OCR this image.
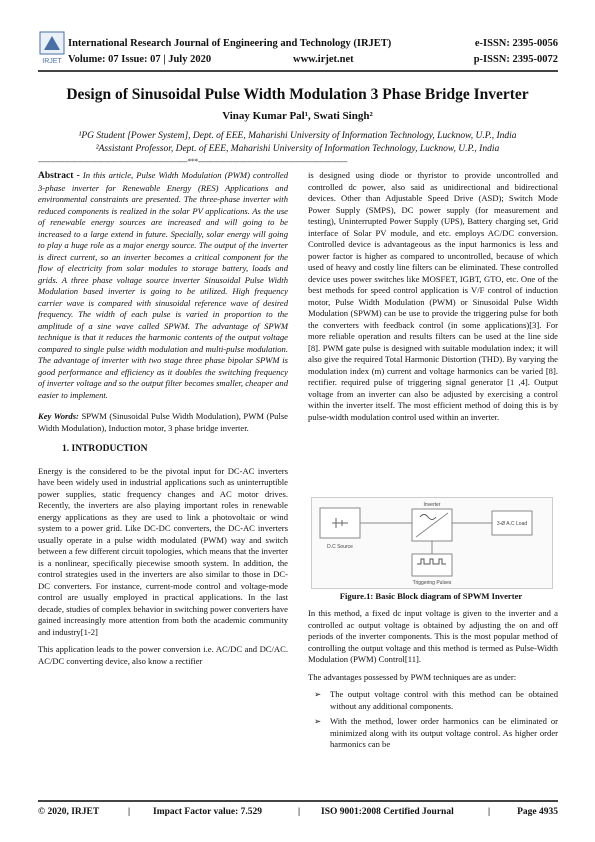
IRJET
International Research Journal of Engineering and Technology (IRJET)
Volume: 07 Issue: 07 | July 2020	www.irjet.net
e-ISSN: 2395-0056
p-ISSN: 2395-0072
Design of Sinusoidal Pulse Width Modulation 3 Phase Bridge Inverter
Vinay Kumar Pal¹, Swati Singh²
¹PG Student [Power System], Dept. of EEE, Maharishi University of Information Technology, Lucknow, U.P., India
²Assistant Professor, Dept. of EEE, Maharishi University of Information Technology, Lucknow, U.P., India
---------------------------------------------------------------------***---------------------------------------------------------------------

Abstract - In this article, Pulse Width Modulation (PWM) controlled 3-phase inverter for Renewable Energy (RES) Applications and environmental constraints are presented. The three-phase inverter with reduced components is realized in the solar PV applications. As the use of renewable energy sources are increased and will going to be increased to a large extend in future. Specially, solar energy will going to play a huge role as a major energy source. The output of the inverter is direct current, so an inverter becomes a critical component for the flow of electricity from solar modules to storage battery, loads and grids. A three phase voltage source inverter Sinusoidal Pulse Width Modulation based inverter is going to be utilized. High frequency carrier wave is compared with sinusoidal reference wave of desired frequency. The width of each pulse is varied in proportion to the amplitude of a sine wave called SPWM. The advantage of SPWM technique is that it reduces the harmonic contents of the output voltage compared to single pulse width modulation and multi-pulse modulation. The advantage of inverter with two stage three phase bipolar SPWM is good performance and efficiency as it doubles the switching frequency of inverter voltage and so the output filter becomes smaller, cheaper and easier to implement.

Key Words: SPWM (Sinusoidal Pulse Width Modulation), PWM (Pulse Width Modulation), Induction motor, 3 phase bridge inverter.

1. INTRODUCTION

Energy is the considered to be the pivotal input for DC-AC inverters have been widely used in industrial applications such as uninterruptible power supplies, static frequency changes and AC motor drives. Recently, the inverters are also playing important roles in renewable energy applications as they are used to link a photovoltaic or wind system to a power grid. Like DC-DC converters, the DC-AC inverters usually operate in a pulse width modulated (PWM) way and switch between a few different circuit topologies, which means that the inverter is a nonlinear, specifically piecewise smooth system. In addition, the control strategies used in the inverters are also similar to those in DC-DC converters. For instance, current-mode control and voltage-mode control are usually employed in practical applications. In the last decade, studies of complex behavior in switching power converters have gained increasingly more attention from both the academic community and industry[1-2]

This application leads to the power conversion i.e. AC/DC and DC/AC. AC/DC converting device, also know a rectifier

is designed using diode or thyristor to provide uncontrolled and controlled dc power, also said as unidirectional and bidirectional devices. Other than Adjustable Speed Drive (ASD); Switch Mode Power Supply (SMPS), DC power supply (for measurement and testing), Uninterrupted Power Supply (UPS), Battery charging set, Grid interface of Solar PV module, and etc. employs AC/DC conversion. Controlled device is advantageous as the input harmonics is less and power factor is higher as compared to uncontrolled, because of which used of heavy and costly line filters can be eliminated. These controlled device uses power switches like MOSFET, IGBT, GTO, etc. One of the best methods for speed control application is V/F control of induction motor, Pulse Width Modulation (PWM) or Sinusoidal Pulse Width Modulation (SPWM) can be use to provide the triggering pulse for both the converters with feedback control (in some applications)[3]. For more reliable operation and results filters can be used at the line side [8]. PWM gate pulse is designed with suitable modulation index; it will also give the required Total Harmonic Distortion (THD). By varying the modulation index (m) current and voltage harmonics can be varied [8]. rectifier. required pulse of triggering signal generator [1 ,4]. Output voltage from an inverter can also be adjusted by exercising a control within the inverter itself. The most efficient method of doing this is by pulse-width modulation control used within an inverter.

D.C Source
Inverter
3-Ø A.C Load
Triggering Pulses
Figure.1: Basic Block diagram of SPWM Inverter

In this method, a fixed dc input voltage is given to the inverter and a controlled ac output voltage is obtained by adjusting the on and off periods of the inverter components. This is the most popular method of controlling the output voltage and this method is termed as Pulse-Width Modulation (PWM) Control[11].

The advantages possessed by PWM techniques are as under:

➢ The output voltage control with this method can be obtained without any additional components.
➢ With the method, lower order harmonics can be eliminated or minimized along with its output voltage control. As higher order harmonics can be
© 2020, IRJET	| Impact Factor value: 7.529	| ISO 9001:2008 Certified Journal	|	Page 4935
